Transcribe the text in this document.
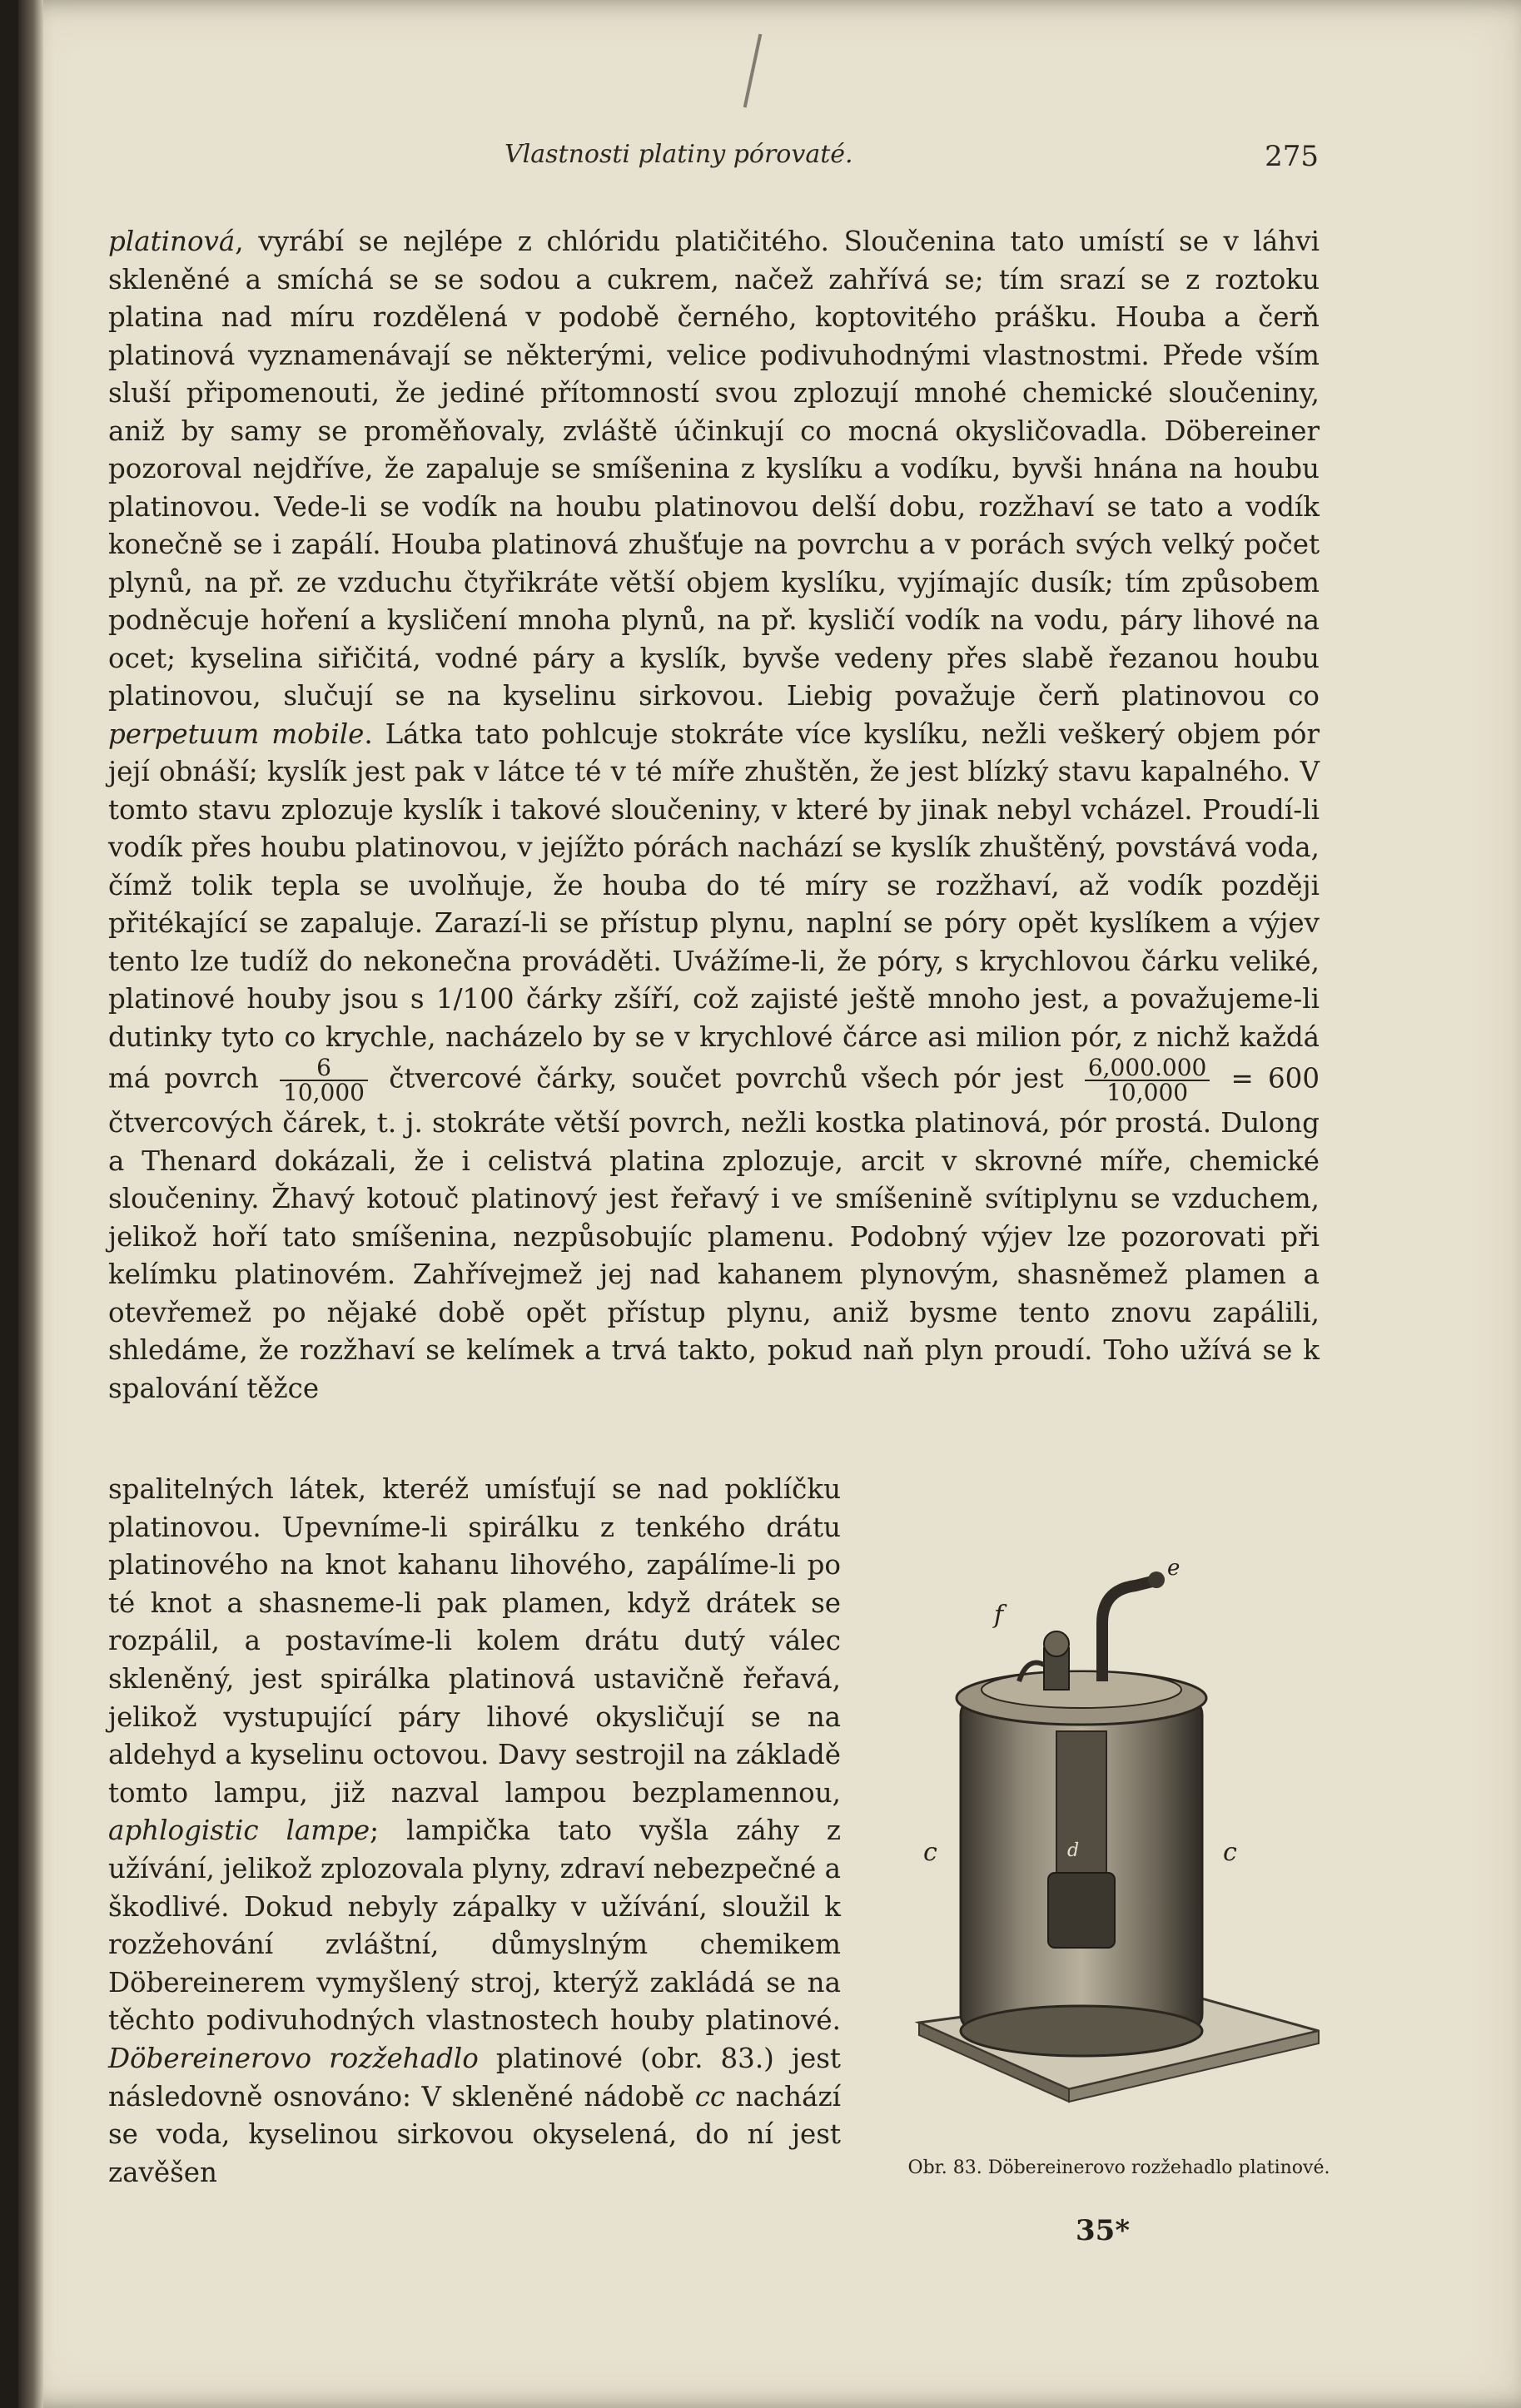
Vlastnosti platiny pórovaté.	275

platinová, vyrábí se nejlépe z chlóridu platičitého. Sloučenina tato umístí se v láhvi skleněné a smíchá se se sodou a cukrem, načež zahřívá se; tím srazí se z roztoku platina nad míru rozdělená v podobě černého, koptovitého prášku. Houba a čerň platinová vyznamenávají se některými, velice podivuhodnými vlastnostmi. Přede vším sluší připomenouti, že jediné přítomností svou zplozují mnohé chemické sloučeniny, aniž by samy se proměňovaly, zvláště účinkují co mocná okysličovadla. Döbereiner pozoroval nejdříve, že zapaluje se smíšenina z kyslíku a vodíku, byvši hnána na houbu platinovou. Vede-li se vodík na houbu platinovou delší dobu, rozžhaví se tato a vodík konečně se i zapálí. Houba platinová zhušťuje na povrchu a v porách svých velký počet plynů, na př. ze vzduchu čtyřikráte větší objem kyslíku, vyjímajíc dusík; tím způsobem podněcuje hoření a kysličení mnoha plynů, na př. kysličí vodík na vodu, páry lihové na ocet; kyselina siřičitá, vodné páry a kyslík, byvše vedeny přes slabě řezanou houbu platinovou, slučují se na kyselinu sirkovou. Liebig považuje čerň platinovou co perpetuum mobile. Látka tato pohlcuje stokráte více kyslíku, nežli veškerý objem pór její obnáší; kyslík jest pak v látce té v té míře zhuštěn, že jest blízký stavu kapalného. V tomto stavu zplozuje kyslík i takové sloučeniny, v které by jinak nebyl vcházel. Proudí-li vodík přes houbu platinovou, v jejížto pórách nachází se kyslík zhuštěný, povstává voda, čímž tolik tepla se uvolňuje, že houba do té míry se rozžhaví, až vodík později přitékající se zapaluje. Zarazí-li se přístup plynu, naplní se póry opět kyslíkem a výjev tento lze tudíž do nekonečna prováděti. Uvážíme-li, že póry, s krychlovou čárku veliké, platinové houby jsou s 1/100 čárky zšíří, což zajisté ještě mnoho jest, a považujeme-li dutinky tyto co krychle, nacházelo by se v krychlové čárce asi milion pór, z nichž každá má povrch $\frac{6}{10,000}$ čtvercové čárky, součet povrchů všech pór jest $\frac{6,000.000}{10,000} = 600$ čtvercových čárek, t. j. stokráte větší povrch, nežli kostka platinová, pór prostá. Dulong a Thenard dokázali, že i celistvá platina zplozuje, arcit v skrovné míře, chemické sloučeniny. Žhavý kotouč platinový jest řeřavý i ve smíšenině svítiplynu se vzduchem, jelikož hoří tato smíšenina, nezpůsobujíc plamenu. Podobný výjev lze pozorovati při kelímku platinovém. Zahřívejmež jej nad kahanem plynovým, shasněmež plamen a otevřemež po nějaké době opět přístup plynu, aniž bysme tento znovu zapálili, shledáme, že rozžhaví se kelímek a trvá takto, pokud naň plyn proudí. Toho užívá se k spalování těžce

spalitelných látek, kteréž umísťují se nad poklíčku platinovou. Upevníme-li spirálku z tenkého drátu platinového na knot kahanu lihového, zapálíme-li po té knot a shasneme-li pak plamen, když drátek se rozpálil, a postavíme-li kolem drátu dutý válec skleněný, jest spirálka platinová ustavičně řeřavá, jelikož vystupující páry lihové okysličují se na aldehyd a kyselinu octovou. Davy sestrojil na základě tomto lampu, již nazval lampou bezplamennou, aphlogistic lampe; lampička tato vyšla záhy z užívání, jelikož zplozovala plyny, zdraví nebezpečné a škodlivé. Dokud nebyly zápalky v užívání, sloužil k rozžehování zvláštní, důmyslným chemikem Döbereinerem vymyšlený stroj, kterýž zakládá se na těchto podivuhodných vlastnostech houby platinové. Döbereinerovo rozžehadlo platinové (obr. 83.) jest následovně osnováno: V skleněné nádobě cc nachází se voda, kyselinou sirkovou okyselená, do ní jest zavěšen

f
e
d
c	c
Obr. 83. Döbereinerovo rozžehadlo platinové.
35*
